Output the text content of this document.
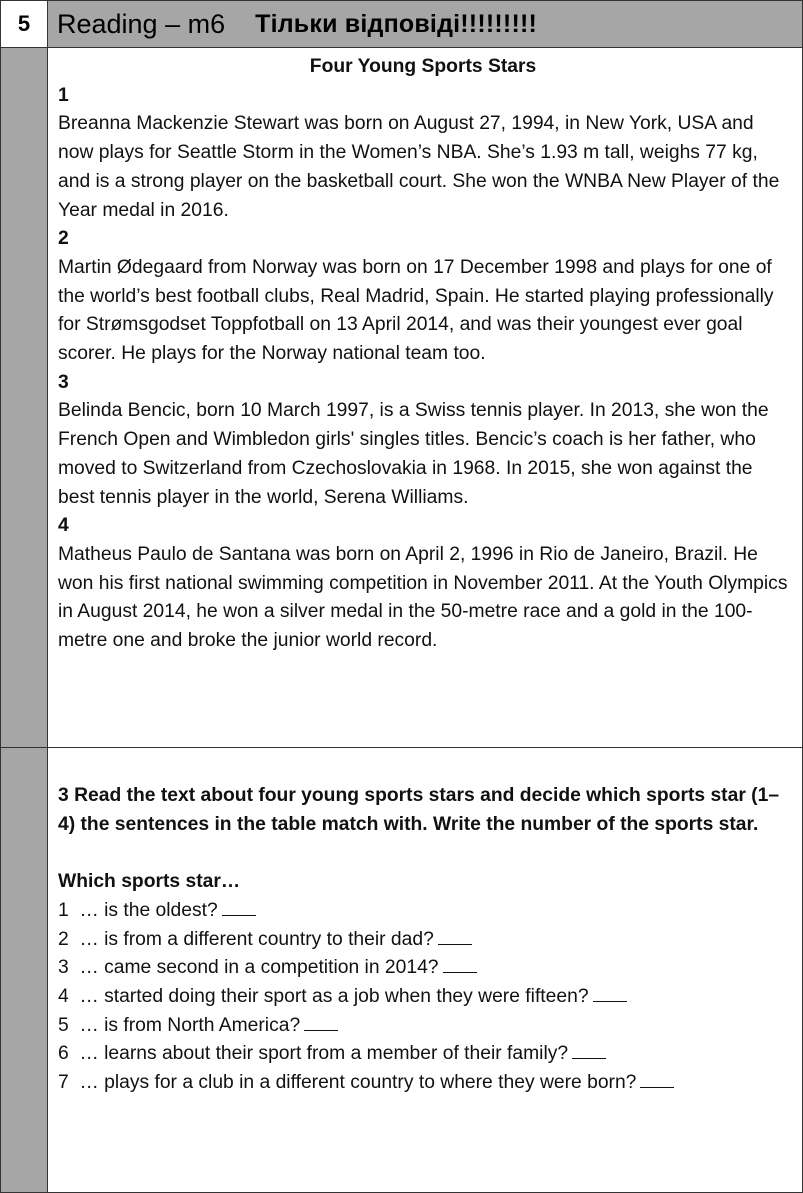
5 Reading – m6 Тільки відповіді!!!!!!!!!
Four Young Sports Stars
1

Breanna Mackenzie Stewart was born on August 27, 1994, in New York, USA and now plays for Seattle Storm in the Women’s NBA. She’s 1.93 m tall, weighs 77 kg, and is a strong player on the basketball court. She won the WNBA New Player of the Year medal in 2016.

2

Martin Ødegaard from Norway was born on 17 December 1998 and plays for one of the world’s best football clubs, Real Madrid, Spain. He started playing professionally for Strømsgodset Toppfotball on 13 April 2014, and was their youngest ever goal scorer. He plays for the Norway national team too.

3

Belinda Bencic, born 10 March 1997, is a Swiss tennis player. In 2013, she won the French Open and Wimbledon girls' singles titles. Bencic’s coach is her father, who moved to Switzerland from Czechoslovakia in 1968. In 2015, she won against the best tennis player in the world, Serena Williams.

4

Matheus Paulo de Santana was born on April 2, 1996 in Rio de Janeiro, Brazil. He won his first national swimming competition in November 2011. At the Youth Olympics in August 2014, he won a silver medal in the 50-metre race and a gold in the 100-metre one and broke the junior world record.

3 Read the text about four young sports stars and decide which sports star (1–4) the sentences in the table match with. Write the number of the sports star.

Which sports star…

1 … is the oldest?

2 … is from a different country to their dad?

3 … came second in a competition in 2014?

4 … started doing their sport as a job when they were fifteen?

5 … is from North America?

6 … learns about their sport from a member of their family?

7 … plays for a club in a different country to where they were born?
